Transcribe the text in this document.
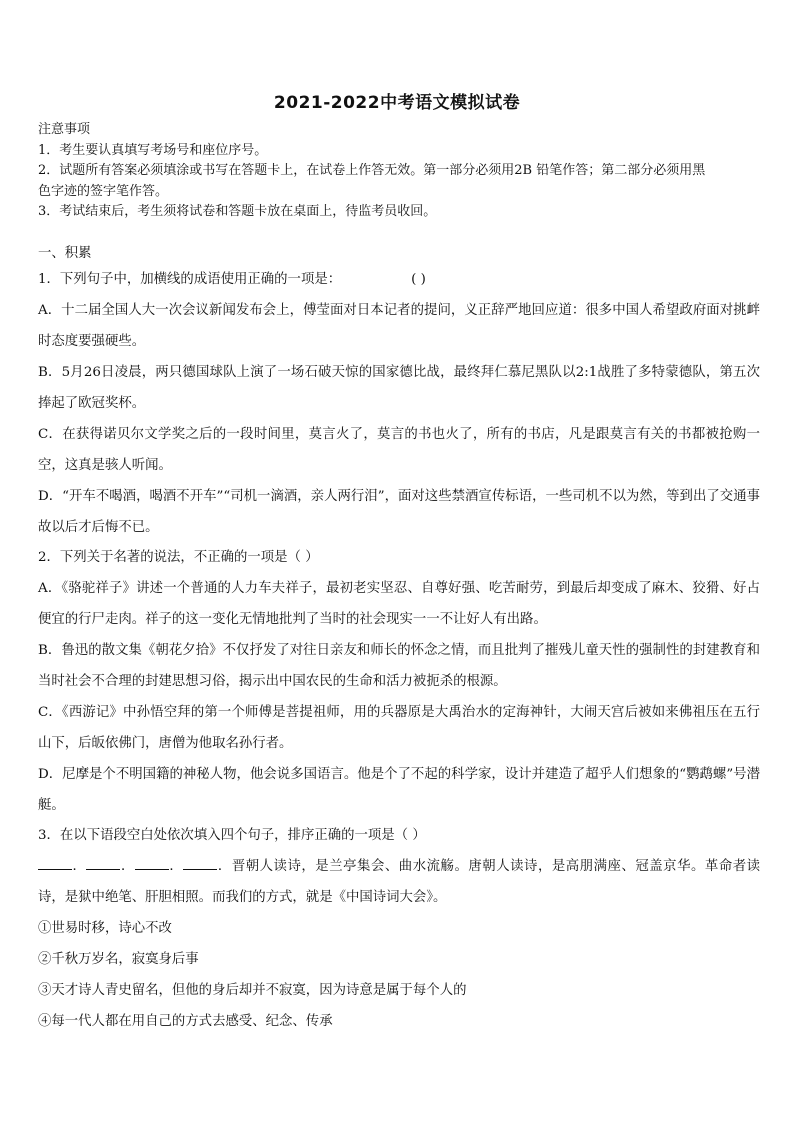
2021-2022中考语文模拟试卷

注意事项

1．考生要认真填写考场号和座位序号。

2．试题所有答案必须填涂或书写在答题卡上，在试卷上作答无效。第一部分必须用2B 铅笔作答；第二部分必须用黑

色字迹的签字笔作答。

3．考试结束后，考生须将试卷和答题卡放在桌面上，待监考员收回。

一、积累

1．下列句子中，加横线的成语使用正确的一项是：	( )

A．十二届全国人大一次会议新闻发布会上，傅莹面对日本记者的提问，义正辞严地回应道：很多中国人希望政府面对挑衅时态度要强硬些。

B．5月26日凌晨，两只德国球队上演了一场石破天惊的国家德比战，最终拜仁慕尼黑队以2:1战胜了多特蒙德队，第五次捧起了欧冠奖杯。

C．在获得诺贝尔文学奖之后的一段时间里，莫言火了，莫言的书也火了，所有的书店，凡是跟莫言有关的书都被抢购一空，这真是骇人听闻。

D．“开车不喝酒，喝酒不开车”“司机一滴酒，亲人两行泪”，面对这些禁酒宣传标语，一些司机不以为然，等到出了交通事故以后才后悔不已。

2．下列关于名著的说法，不正确的一项是（ ）

A．《骆驼祥子》讲述一个普通的人力车夫祥子，最初老实坚忍、自尊好强、吃苦耐劳，到最后却变成了麻木、狡猾、好占便宜的行尸走肉。祥子的这一变化无情地批判了当时的社会现实一一不让好人有出路。

B．鲁迅的散文集《朝花夕拾》不仅抒发了对往日亲友和师长的怀念之情，而且批判了摧残儿童天性的强制性的封建教育和当时社会不合理的封建思想习俗，揭示出中国农民的生命和活力被扼杀的根源。

C．《西游记》中孙悟空拜的第一个师傅是菩提祖师，用的兵器原是大禹治水的定海神针，大闹天宫后被如来佛祖压在五行山下，后皈依佛门，唐僧为他取名孙行者。

D．尼摩是个不明国籍的神秘人物，他会说多国语言。他是个了不起的科学家，设计并建造了超乎人们想象的“鹦鹉螺”号潜艇。

3．在以下语段空白处依次填入四个句子，排序正确的一项是（ ）

．	．	．	．晋朝人读诗，是兰亭集会、曲水流觞。唐朝人读诗，是高朋满座、冠盖京华。革命者读诗，是狱中绝笔、肝胆相照。而我们的方式，就是《中国诗词大会》。

①世易时移，诗心不改

②千秋万岁名，寂寞身后事

③天才诗人青史留名，但他的身后却并不寂寞，因为诗意是属于每个人的

④每一代人都在用自己的方式去感受、纪念、传承
